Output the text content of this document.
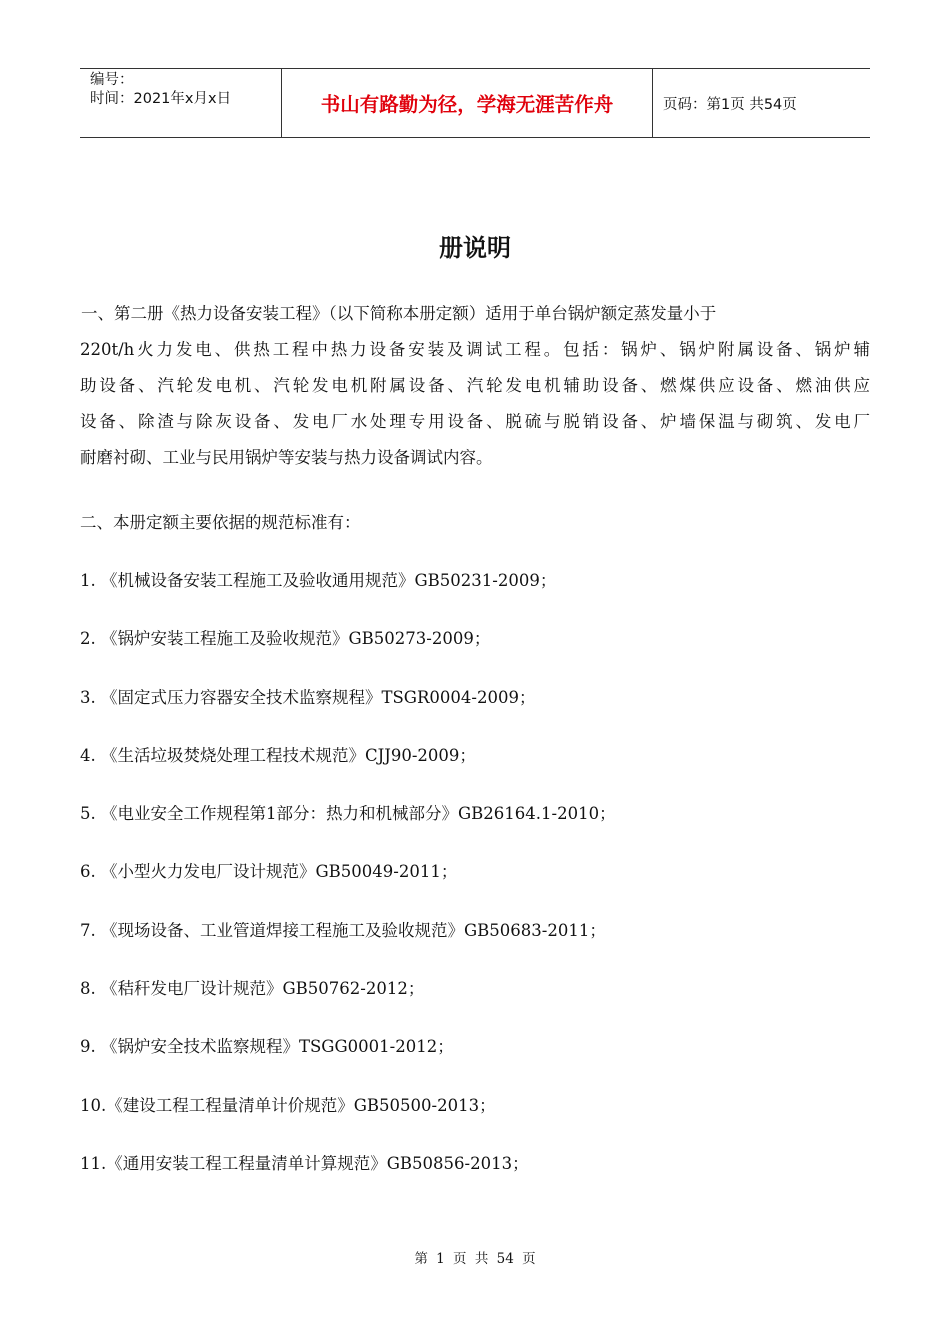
编号：
时间：2021年x月x日	书山有路勤为径，学海无涯苦作舟	页码：第1页 共54页
册说明
一、第二册《热力设备安装工程》（以下简称本册定额）适用于单台锅炉额定蒸发量小于
220t/h火力发电、供热工程中热力设备安装及调试工程。包括：锅炉、锅炉附属设备、锅炉辅
助设备、汽轮发电机、汽轮发电机附属设备、汽轮发电机辅助设备、燃煤供应设备、燃油供应
设备、除渣与除灰设备、发电厂水处理专用设备、脱硫与脱销设备、炉墙保温与砌筑、发电厂
耐磨衬砌、工业与民用锅炉等安装与热力设备调试内容。
二、本册定额主要依据的规范标准有：
1. 《机械设备安装工程施工及验收通用规范》GB50231-2009；
2. 《锅炉安装工程施工及验收规范》GB50273-2009；
3. 《固定式压力容器安全技术监察规程》TSGR0004-2009；
4. 《生活垃圾焚烧处理工程技术规范》CJJ90-2009；
5. 《电业安全工作规程第1部分：热力和机械部分》GB26164.1-2010；
6. 《小型火力发电厂设计规范》GB50049-2011；
7. 《现场设备、工业管道焊接工程施工及验收规范》GB50683-2011；
8. 《秸秆发电厂设计规范》GB50762-2012；
9. 《锅炉安全技术监察规程》TSGG0001-2012；
10.《建设工程工程量清单计价规范》GB50500-2013；
11.《通用安装工程工程量清单计算规范》GB50856-2013；
第 1 页 共 54 页
